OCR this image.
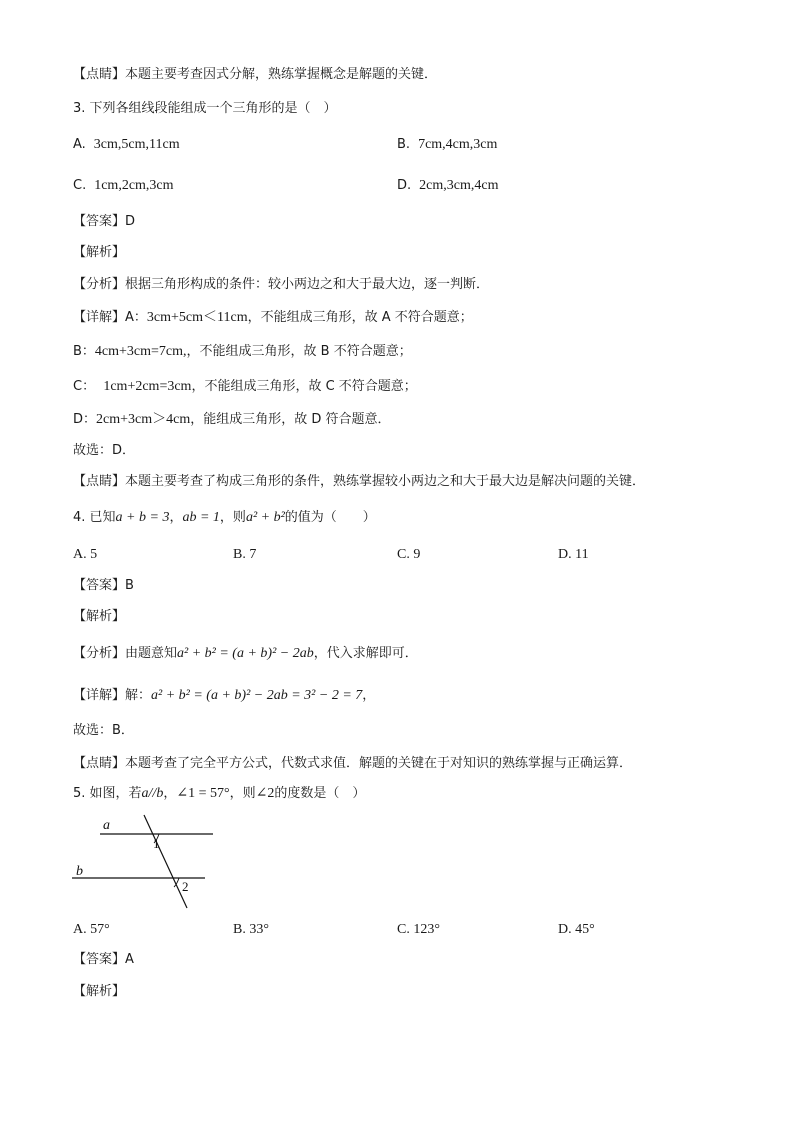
【点睛】本题主要考查因式分解，熟练掌握概念是解题的关键．
3. 下列各组线段能组成一个三角形的是（　）
A. 3cm,5cm,11cm	B. 7cm,4cm,3cm
C. 1cm,2cm,3cm	D. 2cm,3cm,4cm
【答案】D
【解析】
【分析】根据三角形构成的条件：较小两边之和大于最大边，逐一判断．
【详解】A：3cm+5cm＜11cm，不能组成三角形，故 A 不符合题意；
B：4cm+3cm=7cm,，不能组成三角形，故 B 不符合题意；
C： 1cm+2cm=3cm，不能组成三角形，故 C 不符合题意；
D：2cm+3cm＞4cm，能组成三角形，故 D 符合题意．
故选：D．
【点睛】本题主要考查了构成三角形的条件，熟练掌握较小两边之和大于最大边是解决问题的关键．
4. 已知a + b = 3，ab = 1，则a² + b²的值为（　　）
A. 5	B. 7	C. 9	D. 11
【答案】B
【解析】
【分析】由题意知a² + b² = (a + b)² − 2ab，代入求解即可．
【详解】解：a² + b² = (a + b)² − 2ab = 3² − 2 = 7，
故选：B．
【点睛】本题考查了完全平方公式，代数式求值．解题的关键在于对知识的熟练掌握与正确运算．
5. 如图，若a//b，∠1 = 57°，则∠2的度数是（　）
a
b
1
2
A. 57°	B. 33°	C. 123°	D. 45°
【答案】A
【解析】
